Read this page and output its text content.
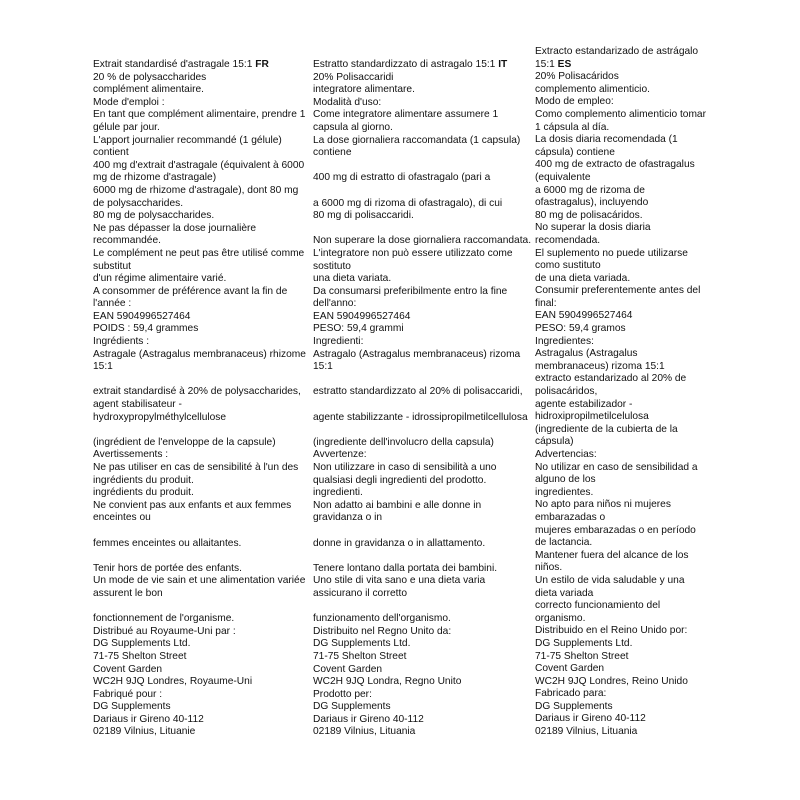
Extrait standardisé d'astragale 15:1 FR
20 % de polysaccharides
complément alimentaire.
Mode d'emploi :
En tant que complément alimentaire, prendre 1 gélule par jour.
L'apport journalier recommandé (1 gélule) contient
400 mg d'extrait d'astragale (équivalent à 6000 mg de rhizome d'astragale)
6000 mg de rhizome d'astragale), dont 80 mg de polysaccharides.
80 mg de polysaccharides.
Ne pas dépasser la dose journalière recommandée.
Le complément ne peut pas être utilisé comme substitut
d'un régime alimentaire varié.
A consommer de préférence avant la fin de l'année :
EAN 5904996527464
POIDS : 59,4 grammes
Ingrédients :
Astragale (Astragalus membranaceus) rhizome 15:1
extrait standardisé à 20% de polysaccharides, agent stabilisateur -
hydroxypropylméthylcellulose
(ingrédient de l'enveloppe de la capsule)
Avertissements :
Ne pas utiliser en cas de sensibilité à l'un des ingrédients du produit.
ingrédients du produit.
Ne convient pas aux enfants et aux femmes enceintes ou
femmes enceintes ou allaitantes.
Tenir hors de portée des enfants.
Un mode de vie sain et une alimentation variée assurent le bon
fonctionnement de l'organisme.
Distribué au Royaume-Uni par :
DG Supplements Ltd.
71-75 Shelton Street
Covent Garden
WC2H 9JQ Londres, Royaume-Uni
Fabriqué pour :
DG Supplements
Dariaus ir Gireno 40-112
02189 Vilnius, Lituanie
Estratto standardizzato di astragalo 15:1 IT
20% Polisaccaridi
integratore alimentare.
Modalità d'uso:
Come integratore alimentare assumere 1 capsula al giorno.
La dose giornaliera raccomandata (1 capsula) contiene
400 mg di estratto di ofastragalo (pari a
a 6000 mg di rizoma di ofastragalo), di cui
80 mg di polisaccaridi.
Non superare la dose giornaliera raccomandata.
L'integratore non può essere utilizzato come sostituto
una dieta variata.
Da consumarsi preferibilmente entro la fine dell'anno:
EAN 5904996527464
PESO: 59,4 grammi
Ingredienti:
Astragalo (Astragalus membranaceus) rizoma 15:1
estratto standardizzato al 20% di polisaccaridi,
agente stabilizzante - idrossipropilmetilcellulosa
(ingrediente dell'involucro della capsula)
Avvertenze:
Non utilizzare in caso di sensibilità a uno qualsiasi degli ingredienti del prodotto.
ingredienti.
Non adatto ai bambini e alle donne in gravidanza o in
donne in gravidanza o in allattamento.
Tenere lontano dalla portata dei bambini.
Uno stile di vita sano e una dieta varia assicurano il corretto
funzionamento dell'organismo.
Distribuito nel Regno Unito da:
DG Supplements Ltd.
71-75 Shelton Street
Covent Garden
WC2H 9JQ Londra, Regno Unito
Prodotto per:
DG Supplements
Dariaus ir Gireno 40-112
02189 Vilnius, Lituania
Extracto estandarizado de astrágalo 15:1 ES
20% Polisacáridos
complemento alimenticio.
Modo de empleo:
Como complemento alimenticio tomar 1 cápsula al día.
La dosis diaria recomendada (1 cápsula) contiene
400 mg de extracto de ofastragalus (equivalente
a 6000 mg de rizoma de ofastragalus), incluyendo
80 mg de polisacáridos.
No superar la dosis diaria recomendada.
El suplemento no puede utilizarse como sustituto
de una dieta variada.
Consumir preferentemente antes del final:
EAN 5904996527464
PESO: 59,4 gramos
Ingredientes:
Astragalus (Astragalus membranaceus) rizoma 15:1
extracto estandarizado al 20% de polisacáridos,
agente estabilizador - hidroxipropilmetilcelulosa
(ingrediente de la cubierta de la cápsula)
Advertencias:
No utilizar en caso de sensibilidad a alguno de los
ingredientes.
No apto para niños ni mujeres embarazadas o
mujeres embarazadas o en período de lactancia.
Mantener fuera del alcance de los niños.
Un estilo de vida saludable y una dieta variada
correcto funcionamiento del organismo.
Distribuido en el Reino Unido por:
DG Supplements Ltd.
71-75 Shelton Street
Covent Garden
WC2H 9JQ Londres, Reino Unido
Fabricado para:
DG Supplements
Dariaus ir Gireno 40-112
02189 Vilnius, Lituania
